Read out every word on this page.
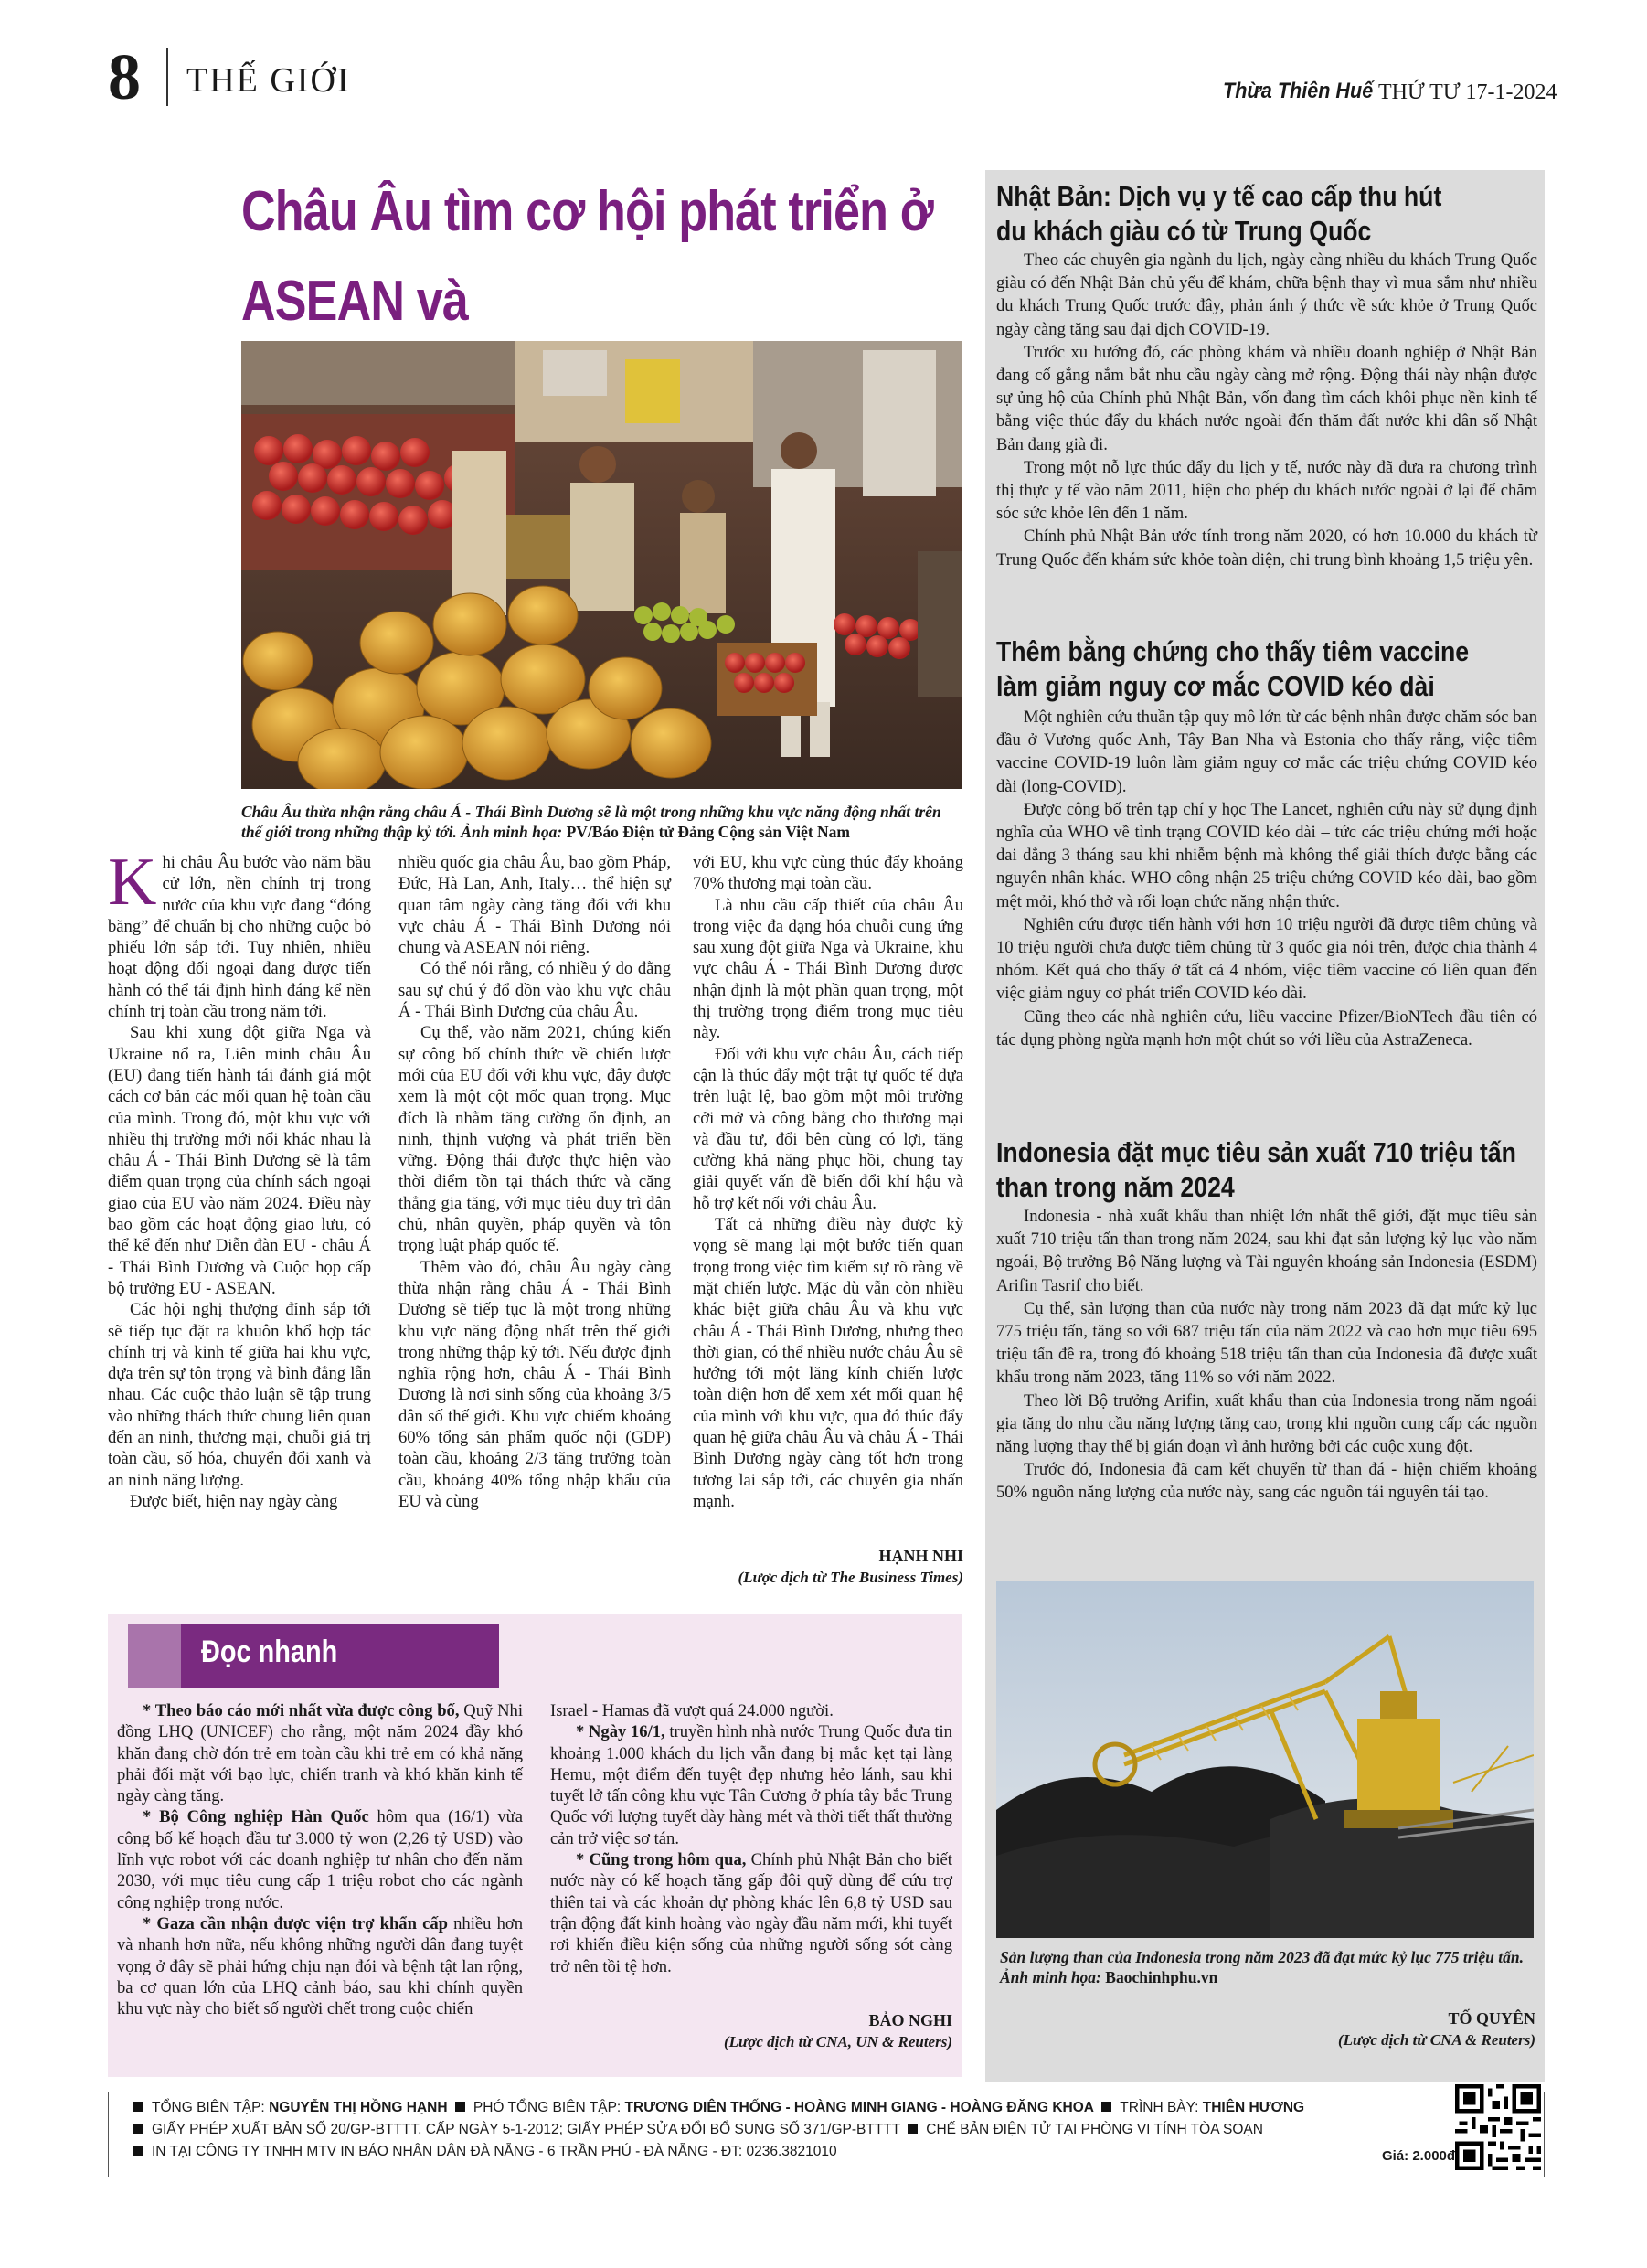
8 THẾ GIỚI	Thừa Thiên Huế THỨ TƯ 17-1-2024
Châu Âu tìm cơ hội phát triển ở ASEAN và
Châu Âu thừa nhận rằng châu Á - Thái Bình Dương sẽ là một trong những khu vực năng động nhất trên thế giới trong những thập kỷ tới. Ảnh minh họa: PV/Báo Điện tử Đảng Cộng sản Việt Nam

Khi châu Âu bước vào năm bầu cử lớn, nền chính trị trong nước của khu vực đang “đóng băng” để chuẩn bị cho những cuộc bỏ phiếu lớn sắp tới. Tuy nhiên, nhiều hoạt động đối ngoại đang được tiến hành có thể tái định hình đáng kể nền chính trị toàn cầu trong năm tới.

Sau khi xung đột giữa Nga và Ukraine nổ ra, Liên minh châu Âu (EU) đang tiến hành tái đánh giá một cách cơ bản các mối quan hệ toàn cầu của mình. Trong đó, một khu vực với nhiều thị trường mới nổi khác nhau là châu Á - Thái Bình Dương sẽ là tâm điểm quan trọng của chính sách ngoại giao của EU vào năm 2024. Điều này bao gồm các hoạt động giao lưu, có thể kể đến như Diễn đàn EU - châu Á - Thái Bình Dương và Cuộc họp cấp bộ trưởng EU - ASEAN.

Các hội nghị thượng đỉnh sắp tới sẽ tiếp tục đặt ra khuôn khổ hợp tác chính trị và kinh tế giữa hai khu vực, dựa trên sự tôn trọng và bình đẳng lẫn nhau. Các cuộc thảo luận sẽ tập trung vào những thách thức chung liên quan đến an ninh, thương mại, chuỗi giá trị toàn cầu, số hóa, chuyển đổi xanh và an ninh năng lượng.

Được biết, hiện nay ngày càng

nhiều quốc gia châu Âu, bao gồm Pháp, Đức, Hà Lan, Anh, Italy… thể hiện sự quan tâm ngày càng tăng đối với khu vực châu Á - Thái Bình Dương nói chung và ASEAN nói riêng.

Có thể nói rằng, có nhiều ý do đằng sau sự chú ý đổ dồn vào khu vực châu Á - Thái Bình Dương của châu Âu.

Cụ thể, vào năm 2021, chúng kiến sự công bố chính thức về chiến lược mới của EU đối với khu vực, đây được xem là một cột mốc quan trọng. Mục đích là nhằm tăng cường ổn định, an ninh, thịnh vượng và phát triển bền vững. Động thái được thực hiện vào thời điểm tồn tại thách thức và căng thẳng gia tăng, với mục tiêu duy trì dân chủ, nhân quyền, pháp quyền và tôn trọng luật pháp quốc tế.

Thêm vào đó, châu Âu ngày càng thừa nhận rằng châu Á - Thái Bình Dương sẽ tiếp tục là một trong những khu vực năng động nhất trên thế giới trong những thập kỷ tới. Nếu được định nghĩa rộng hơn, châu Á - Thái Bình Dương là nơi sinh sống của khoảng 3/5 dân số thế giới. Khu vực chiếm khoảng 60% tổng sản phẩm quốc nội (GDP) toàn cầu, khoảng 2/3 tăng trưởng toàn cầu, khoảng 40% tổng nhập khẩu của EU và cùng

với EU, khu vực cùng thúc đẩy khoảng 70% thương mại toàn cầu.

Là nhu cầu cấp thiết của châu Âu trong việc đa dạng hóa chuỗi cung ứng sau xung đột giữa Nga và Ukraine, khu vực châu Á - Thái Bình Dương được nhận định là một phần quan trọng, một thị trường trọng điểm trong mục tiêu này.

Đối với khu vực châu Âu, cách tiếp cận là thúc đẩy một trật tự quốc tế dựa trên luật lệ, bao gồm một môi trường cởi mở và công bằng cho thương mại và đầu tư, đổi bên cùng có lợi, tăng cường khả năng phục hồi, chung tay giải quyết vấn đề biến đổi khí hậu và hỗ trợ kết nối với châu Âu.

Tất cả những điều này được kỳ vọng sẽ mang lại một bước tiến quan trọng trong việc tìm kiếm sự rõ ràng về mặt chiến lược. Mặc dù vẫn còn nhiều khác biệt giữa châu Âu và khu vực châu Á - Thái Bình Dương, nhưng theo thời gian, có thể nhiều nước châu Âu sẽ hướng tới một lăng kính chiến lược toàn diện hơn để xem xét mối quan hệ của mình với khu vực, qua đó thúc đẩy quan hệ giữa châu Âu và châu Á - Thái Bình Dương ngày càng tốt hơn trong tương lai sắp tới, các chuyên gia nhấn mạnh.

HẠNH NHI
(Lược dịch từ The Business Times)
Nhật Bản: Dịch vụ y tế cao cấp thu hút
du khách giàu có từ Trung Quốc

Theo các chuyên gia ngành du lịch, ngày càng nhiều du khách Trung Quốc giàu có đến Nhật Bản chủ yếu để khám, chữa bệnh thay vì mua sắm như nhiều du khách Trung Quốc trước đây, phản ánh ý thức về sức khỏe ở Trung Quốc ngày càng tăng sau đại dịch COVID-19.

Trước xu hướng đó, các phòng khám và nhiều doanh nghiệp ở Nhật Bản đang cố gắng nắm bắt nhu cầu ngày càng mở rộng. Động thái này nhận được sự ủng hộ của Chính phủ Nhật Bản, vốn đang tìm cách khôi phục nền kinh tế bằng việc thúc đẩy du khách nước ngoài đến thăm đất nước khi dân số Nhật Bản đang già đi.

Trong một nỗ lực thúc đẩy du lịch y tế, nước này đã đưa ra chương trình thị thực y tế vào năm 2011, hiện cho phép du khách nước ngoài ở lại để chăm sóc sức khỏe lên đến 1 năm.

Chính phủ Nhật Bản ước tính trong năm 2020, có hơn 10.000 du khách từ Trung Quốc đến khám sức khỏe toàn diện, chi trung bình khoảng 1,5 triệu yên.

Thêm bằng chứng cho thấy tiêm vaccine
làm giảm nguy cơ mắc COVID kéo dài

Một nghiên cứu thuần tập quy mô lớn từ các bệnh nhân được chăm sóc ban đầu ở Vương quốc Anh, Tây Ban Nha và Estonia cho thấy rằng, việc tiêm vaccine COVID-19 luôn làm giảm nguy cơ mắc các triệu chứng COVID kéo dài (long-COVID).

Được công bố trên tạp chí y học The Lancet, nghiên cứu này sử dụng định nghĩa của WHO về tình trạng COVID kéo dài – tức các triệu chứng mới hoặc dai dẳng 3 tháng sau khi nhiễm bệnh mà không thể giải thích được bằng các nguyên nhân khác. WHO công nhận 25 triệu chứng COVID kéo dài, bao gồm mệt mỏi, khó thở và rối loạn chức năng nhận thức.

Nghiên cứu được tiến hành với hơn 10 triệu người đã được tiêm chủng và 10 triệu người chưa được tiêm chủng từ 3 quốc gia nói trên, được chia thành 4 nhóm. Kết quả cho thấy ở tất cả 4 nhóm, việc tiêm vaccine có liên quan đến việc giảm nguy cơ phát triển COVID kéo dài.

Cũng theo các nhà nghiên cứu, liều vaccine Pfizer/BioNTech đầu tiên có tác dụng phòng ngừa mạnh hơn một chút so với liều của AstraZeneca.

Indonesia đặt mục tiêu sản xuất 710 triệu tấn
than trong năm 2024

Indonesia - nhà xuất khẩu than nhiệt lớn nhất thế giới, đặt mục tiêu sản xuất 710 triệu tấn than trong năm 2024, sau khi đạt sản lượng kỷ lục vào năm ngoái, Bộ trưởng Bộ Năng lượng và Tài nguyên khoáng sản Indonesia (ESDM) Arifin Tasrif cho biết.

Cụ thể, sản lượng than của nước này trong năm 2023 đã đạt mức kỷ lục 775 triệu tấn, tăng so với 687 triệu tấn của năm 2022 và cao hơn mục tiêu 695 triệu tấn đề ra, trong đó khoảng 518 triệu tấn than của Indonesia đã được xuất khẩu trong năm 2023, tăng 11% so với năm 2022.

Theo lời Bộ trưởng Arifin, xuất khẩu than của Indonesia trong năm ngoái gia tăng do nhu cầu năng lượng tăng cao, trong khi nguồn cung cấp các nguồn năng lượng thay thế bị gián đoạn vì ảnh hưởng bởi các cuộc xung đột.

Trước đó, Indonesia đã cam kết chuyển từ than đá - hiện chiếm khoảng 50% nguồn năng lượng của nước này, sang các nguồn tái nguyên tái tạo.

Sản lượng than của Indonesia trong năm 2023 đã đạt mức kỷ lục 775 triệu tấn. Ảnh minh họa: Baochinhphu.vn
TỐ QUYÊN
(Lược dịch từ CNA & Reuters)
Đọc nhanh

* Theo báo cáo mới nhất vừa được công bố, Quỹ Nhi đồng LHQ (UNICEF) cho rằng, một năm 2024 đầy khó khăn đang chờ đón trẻ em toàn cầu khi trẻ em có khả năng phải đối mặt với bạo lực, chiến tranh và khó khăn kinh tế ngày càng tăng.

* Bộ Công nghiệp Hàn Quốc hôm qua (16/1) vừa công bố kế hoạch đầu tư 3.000 tỷ won (2,26 tỷ USD) vào lĩnh vực robot với các doanh nghiệp tư nhân cho đến năm 2030, với mục tiêu cung cấp 1 triệu robot cho các ngành công nghiệp trong nước.

* Gaza cần nhận được viện trợ khẩn cấp nhiều hơn và nhanh hơn nữa, nếu không những người dân đang tuyệt vọng ở đây sẽ phải hứng chịu nạn đói và bệnh tật lan rộng, ba cơ quan lớn của LHQ cảnh báo, sau khi chính quyền khu vực này cho biết số người chết trong cuộc chiến

Israel - Hamas đã vượt quá 24.000 người.

* Ngày 16/1, truyền hình nhà nước Trung Quốc đưa tin khoảng 1.000 khách du lịch vẫn đang bị mắc kẹt tại làng Hemu, một điểm đến tuyệt đẹp nhưng hẻo lánh, sau khi tuyết lở tấn công khu vực Tân Cương ở phía tây bắc Trung Quốc với lượng tuyết dày hàng mét và thời tiết thất thường cản trở việc sơ tán.

* Cũng trong hôm qua, Chính phủ Nhật Bản cho biết nước này có kế hoạch tăng gấp đôi quỹ dùng để cứu trợ thiên tai và các khoản dự phòng khác lên 6,8 tỷ USD sau trận động đất kinh hoàng vào ngày đầu năm mới, khi tuyết rơi khiến điều kiện sống của những người sống sót càng trở nên tồi tệ hơn.

BẢO NGHI
(Lược dịch từ CNA, UN & Reuters)
TỔNG BIÊN TẬP: NGUYỄN THỊ HỒNG HẠNH PHÓ TỔNG BIÊN TẬP: TRƯƠNG DIÊN THỐNG - HOÀNG MINH GIANG - HOÀNG ĐĂNG KHOA TRÌNH BÀY: THIÊN HƯƠNG
GIẤY PHÉP XUẤT BẢN SỐ 20/GP-BTTTT, CẤP NGÀY 5-1-2012; GIẤY PHÉP SỬA ĐỔI BỔ SUNG SỐ 371/GP-BTTTT CHẾ BẢN ĐIỆN TỬ TẠI PHÒNG VI TÍNH TÒA SOẠN
IN TẠI CÔNG TY TNHH MTV IN BÁO NHÂN DÂN ĐÀ NẴNG - 6 TRẦN PHÚ - ĐÀ NẴNG - ĐT: 0236.3821010	Giá: 2.000đ
